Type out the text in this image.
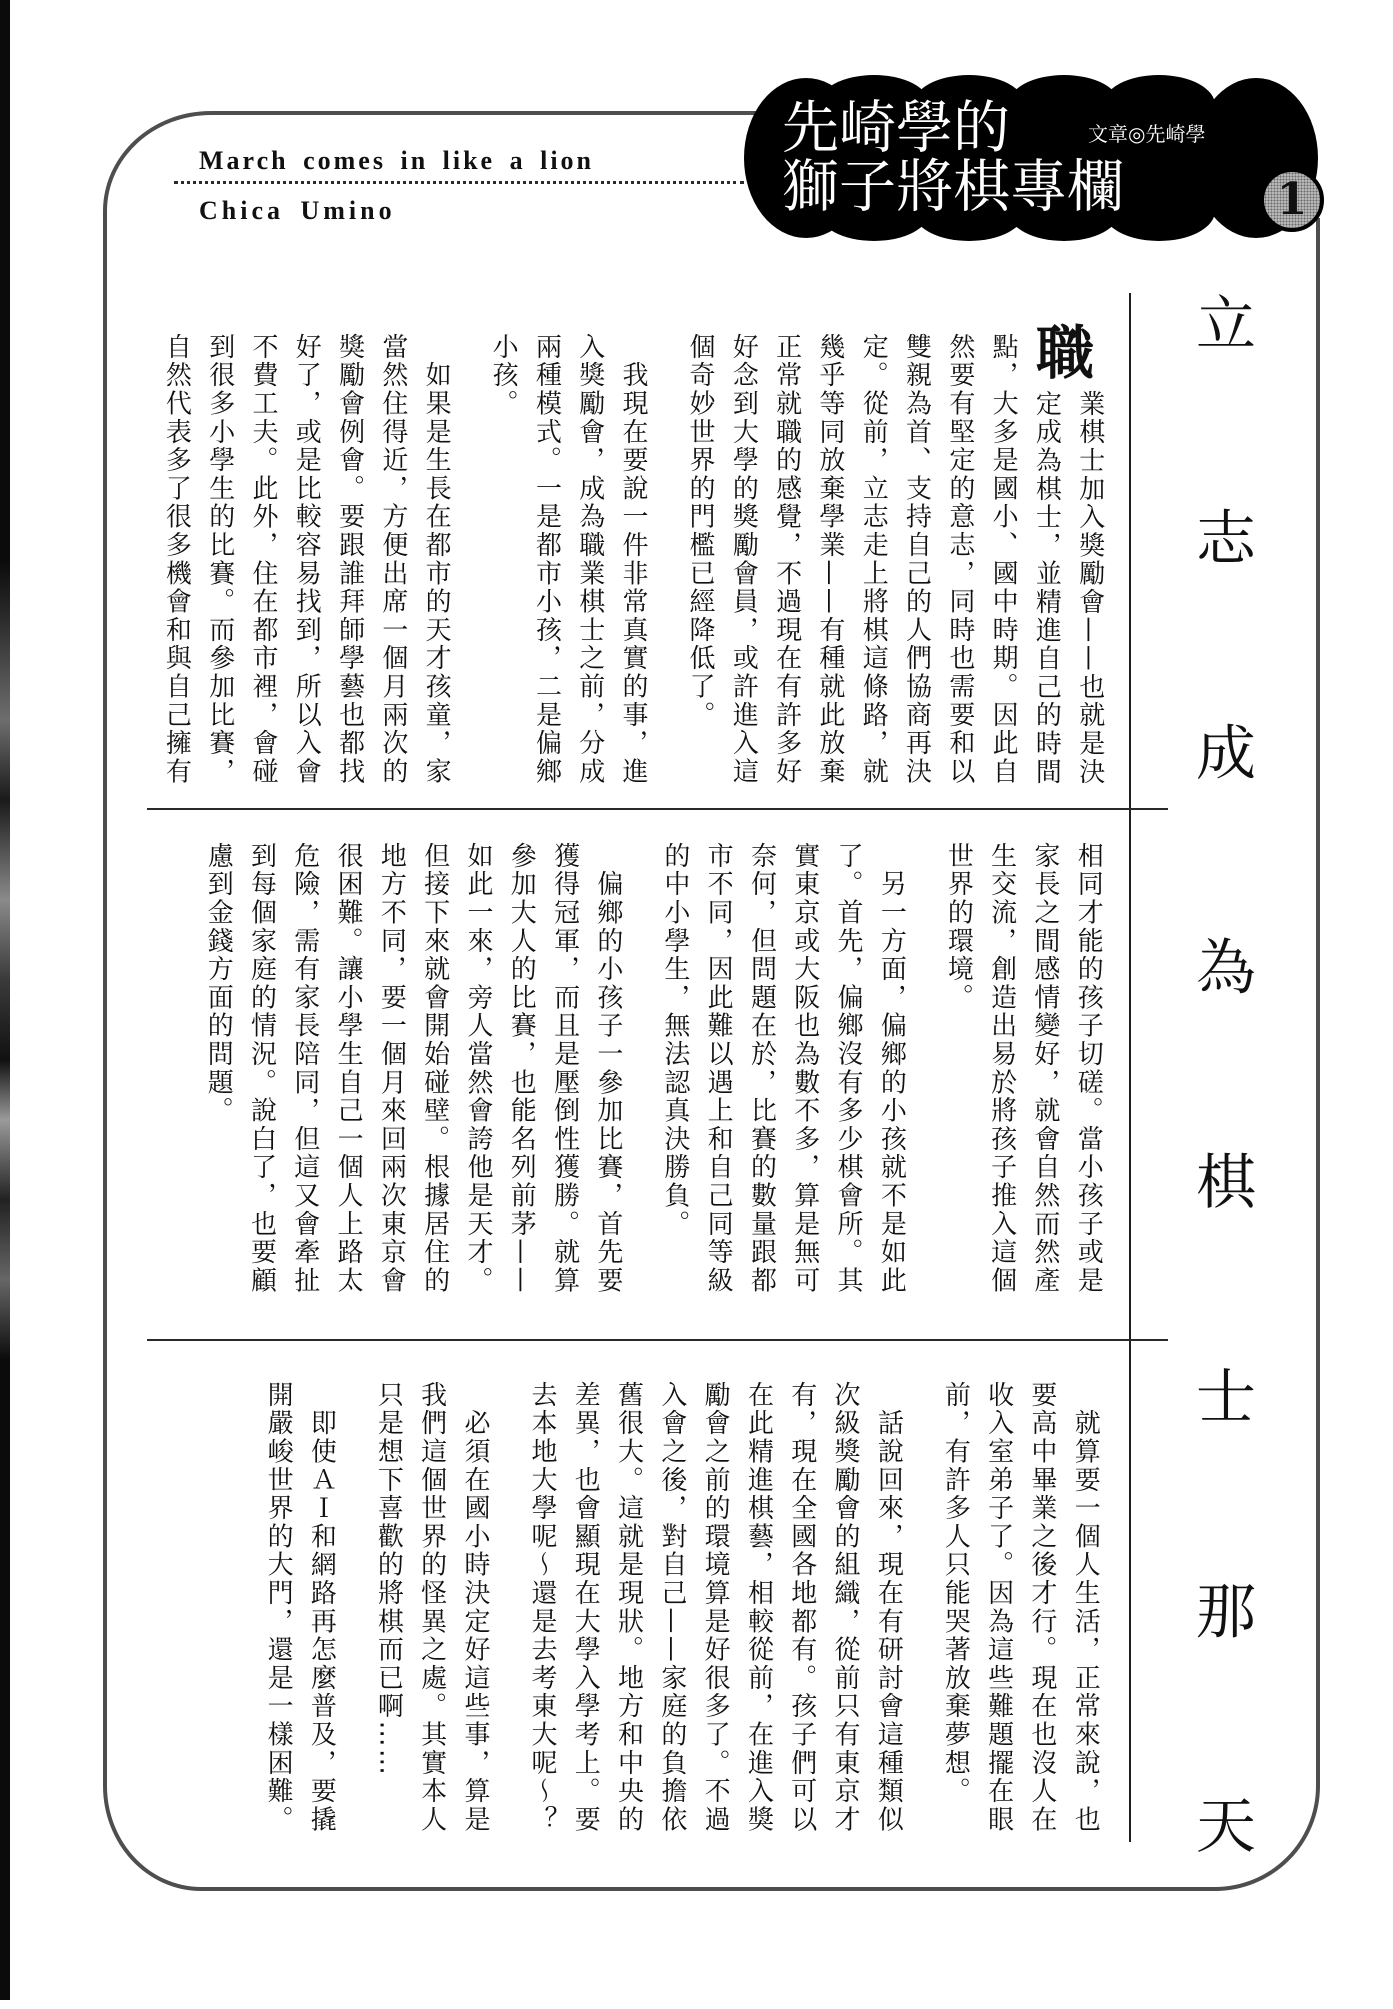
March comes in like a lion
Chica Umino
先崎學的
獅子將棋專欄
文章◎先崎學
1
立志成為棋士那天
職
業棋士加入獎勵會——也就是決
定成為棋士，並精進自己的時間
點，大多是國小、國中時期。因此自
然要有堅定的意志，同時也需要和以
雙親為首、支持自己的人們協商再決
定。從前，立志走上將棋這條路，就
幾乎等同放棄學業——有種就此放棄
正常就職的感覺，不過現在有許多好
好念到大學的獎勵會員，或許進入這
個奇妙世界的門檻已經降低了。
　我現在要說一件非常真實的事，進
入獎勵會，成為職業棋士之前，分成
兩種模式。一是都市小孩，二是偏鄉
小孩。
　如果是生長在都市的天才孩童，家
當然住得近，方便出席一個月兩次的
獎勵會例會。要跟誰拜師學藝也都找
好了，或是比較容易找到，所以入會
不費工夫。此外，住在都市裡，會碰
到很多小學生的比賽。而參加比賽，
自然代表多了很多機會和與自己擁有
相同才能的孩子切磋。當小孩子或是
家長之間感情變好，就會自然而然產
生交流，創造出易於將孩子推入這個
世界的環境。
　另一方面，偏鄉的小孩就不是如此
了。首先，偏鄉沒有多少棋會所。其
實東京或大阪也為數不多，算是無可
奈何，但問題在於，比賽的數量跟都
市不同，因此難以遇上和自己同等級
的中小學生，無法認真決勝負。
　偏鄉的小孩子一參加比賽，首先要
獲得冠軍，而且是壓倒性獲勝。就算
參加大人的比賽，也能名列前茅——
如此一來，旁人當然會誇他是天才。
但接下來就會開始碰壁。根據居住的
地方不同，要一個月來回兩次東京會
很困難。讓小學生自己一個人上路太
危險，需有家長陪同，但這又會牽扯
到每個家庭的情況。說白了，也要顧
慮到金錢方面的問題。
　就算要一個人生活，正常來說，也
要高中畢業之後才行。現在也沒人在
收入室弟子了。因為這些難題擺在眼
前，有許多人只能哭著放棄夢想。
　話說回來，現在有研討會這種類似
次級獎勵會的組織，從前只有東京才
有，現在全國各地都有。孩子們可以
在此精進棋藝，相較從前，在進入獎
勵會之前的環境算是好很多了。不過
入會之後，對自己——家庭的負擔依
舊很大。這就是現狀。地方和中央的
差異，也會顯現在大學入學考上。要
去本地大學呢～還是去考東大呢～？
　必須在國小時決定好這些事，算是
我們這個世界的怪異之處。其實本人
只是想下喜歡的將棋而已啊……
　即使ＡＩ和網路再怎麼普及，要撬
開嚴峻世界的大門，還是一樣困難。
